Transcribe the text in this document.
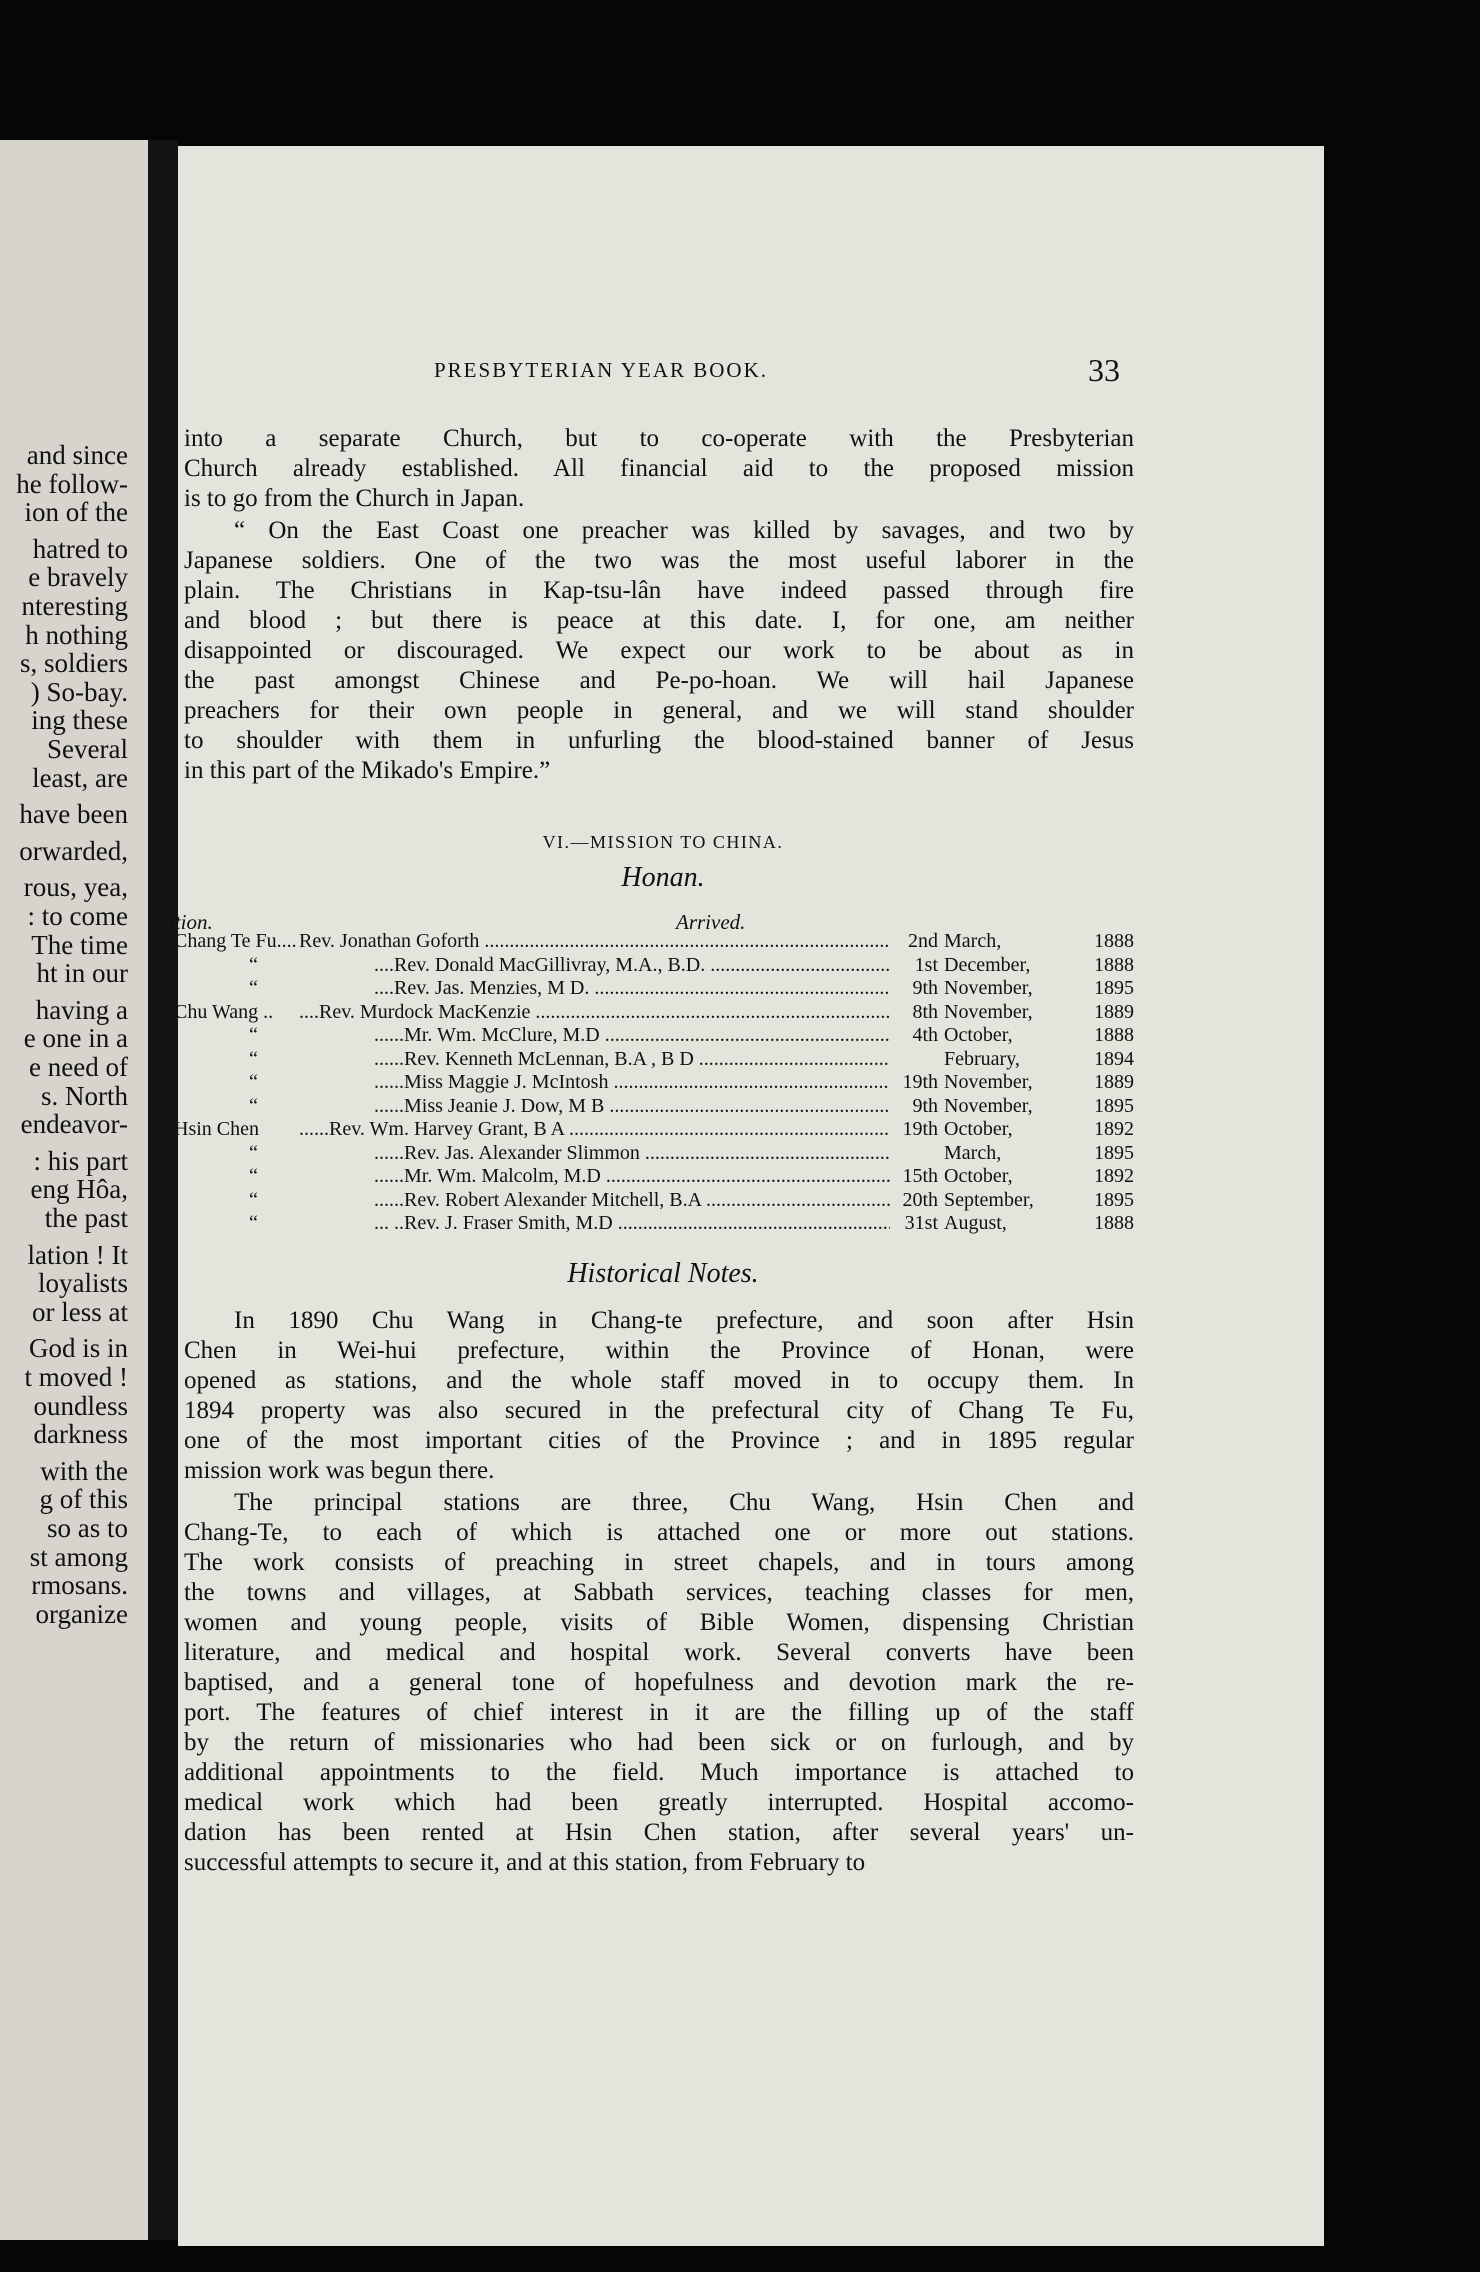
and since
he follow-
ion of the
hatred to
e bravely
nteresting
h nothing
s, soldiers
) So-bay.
ing these
Several
least, are
have been
orwarded,
rous, yea,
: to come
The time
ht in our
having a
e one in a
e need of
s. North
endeavor-
: his part
eng Hôa,
the past
lation ! It
loyalists
or less at
God is in
t moved !
oundless
darkness
with the
g of this
so as to
st among
rmosans.
organize
PRESBYTERIAN YEAR BOOK.	33
into a separate Church, but to co-operate with the Presbyterian
Church already established. All financial aid to the proposed mission
is to go from the Church in Japan.
“ On the East Coast one preacher was killed by savages, and two by
Japanese soldiers. One of the two was the most useful laborer in the
plain. The Christians in Kap-tsu-lân have indeed passed through fire
and blood ; but there is peace at this date. I, for one, am neither
disappointed or discouraged. We expect our work to be about as in
the past amongst Chinese and Pe-po-hoan. We will hail Japanese
preachers for their own people in general, and we will stand shoulder
to shoulder with them in unfurling the blood-stained banner of Jesus
in this part of the Mikado's Empire.”
VI.—MISSION TO CHINA.
Honan.
Station.	Arrived.
Chang Te Fu.... Rev. Jonathan Goforth .....	2nd March,	1888
“	....Rev. Donald MacGillivray, M.A., B.D. .....	1st December,	1888
“	....Rev. Jas. Menzies, M D. .....	9th November,	1895
Chu Wang ..	....Rev. Murdock MacKenzie .....	8th November,	1889
“	......Mr. Wm. McClure, M.D .....	4th October,	1888
“	......Rev. Kenneth McLennan, B.A , B D .....	February,	1894
“	......Miss Maggie J. McIntosh .....	19th November,	1889
“	......Miss Jeanie J. Dow, M B .....	9th November,	1895
Hsin Chen	......Rev. Wm. Harvey Grant, B A .....	19th October,	1892
“	......Rev. Jas. Alexander Slimmon .....	March,	1895
“	......Mr. Wm. Malcolm, M.D .....	15th October,	1892
“	......Rev. Robert Alexander Mitchell, B.A .....	20th September,	1895
“	... ..Rev. J. Fraser Smith, M.D .....	31st August,	1888
Historical Notes.
In 1890 Chu Wang in Chang-te prefecture, and soon after Hsin
Chen in Wei-hui prefecture, within the Province of Honan, were
opened as stations, and the whole staff moved in to occupy them. In
1894 property was also secured in the prefectural city of Chang Te Fu,
one of the most important cities of the Province ; and in 1895 regular
mission work was begun there.
The principal stations are three, Chu Wang, Hsin Chen and
Chang-Te, to each of which is attached one or more out stations.
The work consists of preaching in street chapels, and in tours among
the towns and villages, at Sabbath services, teaching classes for men,
women and young people, visits of Bible Women, dispensing Christian
literature, and medical and hospital work. Several converts have been
baptised, and a general tone of hopefulness and devotion mark the re-
port. The features of chief interest in it are the filling up of the staff
by the return of missionaries who had been sick or on furlough, and by
additional appointments to the field. Much importance is attached to
medical work which had been greatly interrupted. Hospital accomo-
dation has been rented at Hsin Chen station, after several years' un-
successful attempts to secure it, and at this station, from February to
